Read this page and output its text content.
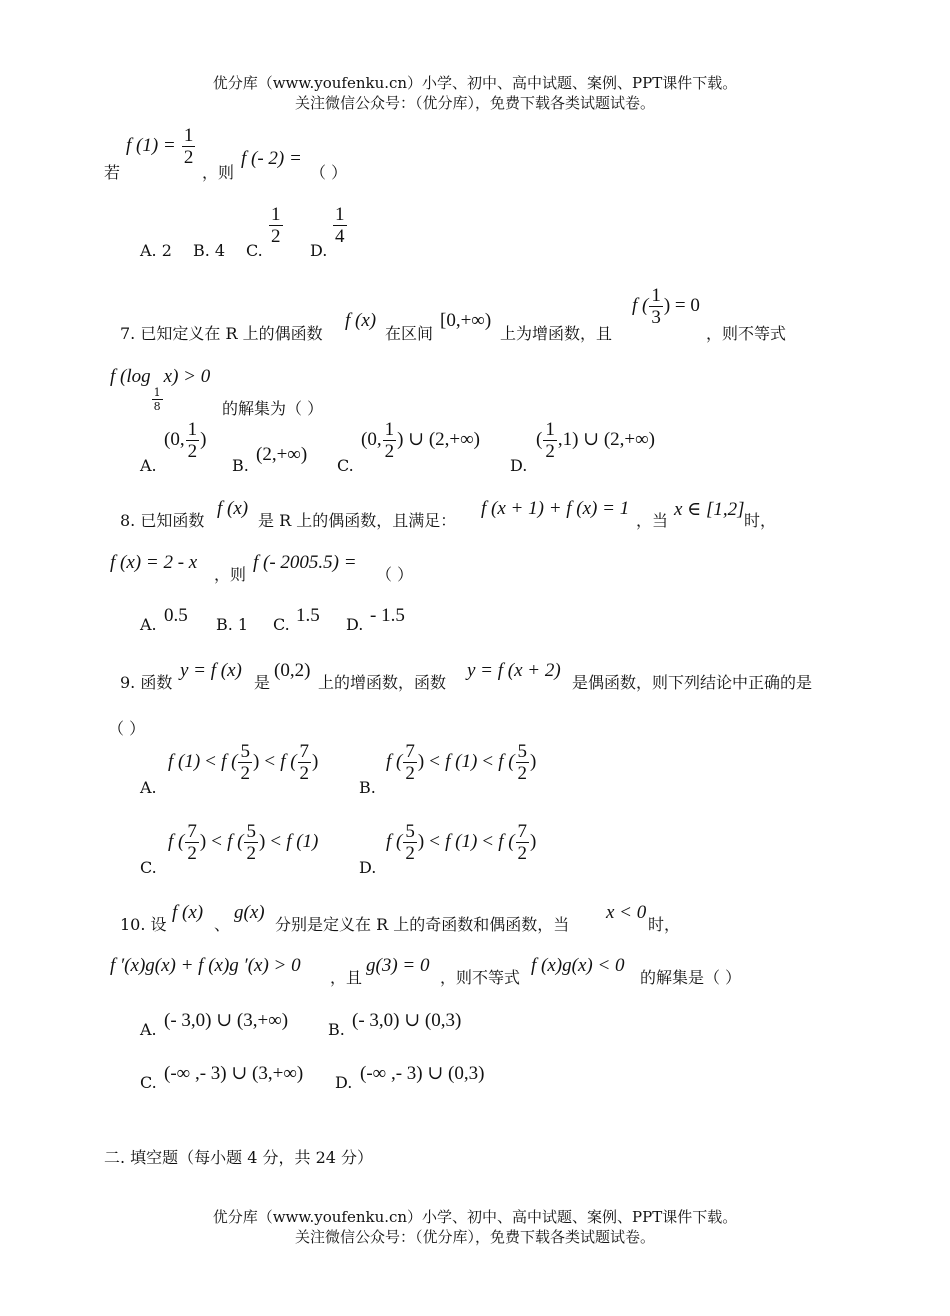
优分库（www.youfenku.cn）小学、初中、高中试题、案例、PPT课件下载。
关注微信公众号：（优分库），免费下载各类试题试卷。
若
f $(1) = \frac{1}{2}$
，则
f (- 2) =
（ ）
A. 2 B. 4 C.
$\frac{1}{2}$
D.
$\frac{1}{4}$
7. 已知定义在 R 上的偶函数
f (x)
在区间
[0,+∞)
上为增函数，且
f ( $\frac{1}{3}$ ) = 0
，则不等式
f (log
$\frac{1}{8}$
x) > 0
的解集为（ ）
A.
(0, $\frac{1}{2}$ )
B.
(2,+∞)
C.
(0, $\frac{1}{2}$ ) ∪ (2,+∞)
D.
( $\frac{1}{2} ,1$) ∪ (2,+∞)
8. 已知函数
f (x)
是 R 上的偶函数，且满足：
f (x + 1) + f (x) = 1
，当
x ∈ [1,2]
时，
f (x) = 2 - x
，则
f (- 2005.5) =
（ ）
A. 0.5 B. 1 C. 1.5 D. - 1.5
9. 函数
y = f (x)
是
(0,2)
上的增函数，函数
y = f (x + 2)
是偶函数，则下列结论中正确的是
（ ）
A.
f (1) < f ( $\frac{5}{2}$ ) < f ( $\frac{7}{2}$ )
B.
f ( $\frac{7}{2}$ ) < f (1) < f ( $\frac{5}{2}$ )
C.
f ( $\frac{7}{2}$ ) < f ( $\frac{5}{2}$ ) < f (1)
D.
f ( $\frac{5}{2}$ ) < f (1) < f ( $\frac{7}{2}$ )
10. 设
f (x)
、
g(x)
分别是定义在 R 上的奇函数和偶函数，当
x < 0
时，
f ′(x)g(x) + f (x)g ′(x) > 0
，且
g(3) = 0
，则不等式
f (x)g(x) < 0
的解集是（ ）
A. (- 3,0) ∪ (3,+∞) B. (- 3,0) ∪ (0,3)
C. (-∞ ,- 3) ∪ (3,+∞) D. (-∞ ,- 3) ∪ (0,3)
二. 填空题（每小题 4 分，共 24 分）
优分库（www.youfenku.cn）小学、初中、高中试题、案例、PPT课件下载。
关注微信公众号：（优分库），免费下载各类试题试卷。
